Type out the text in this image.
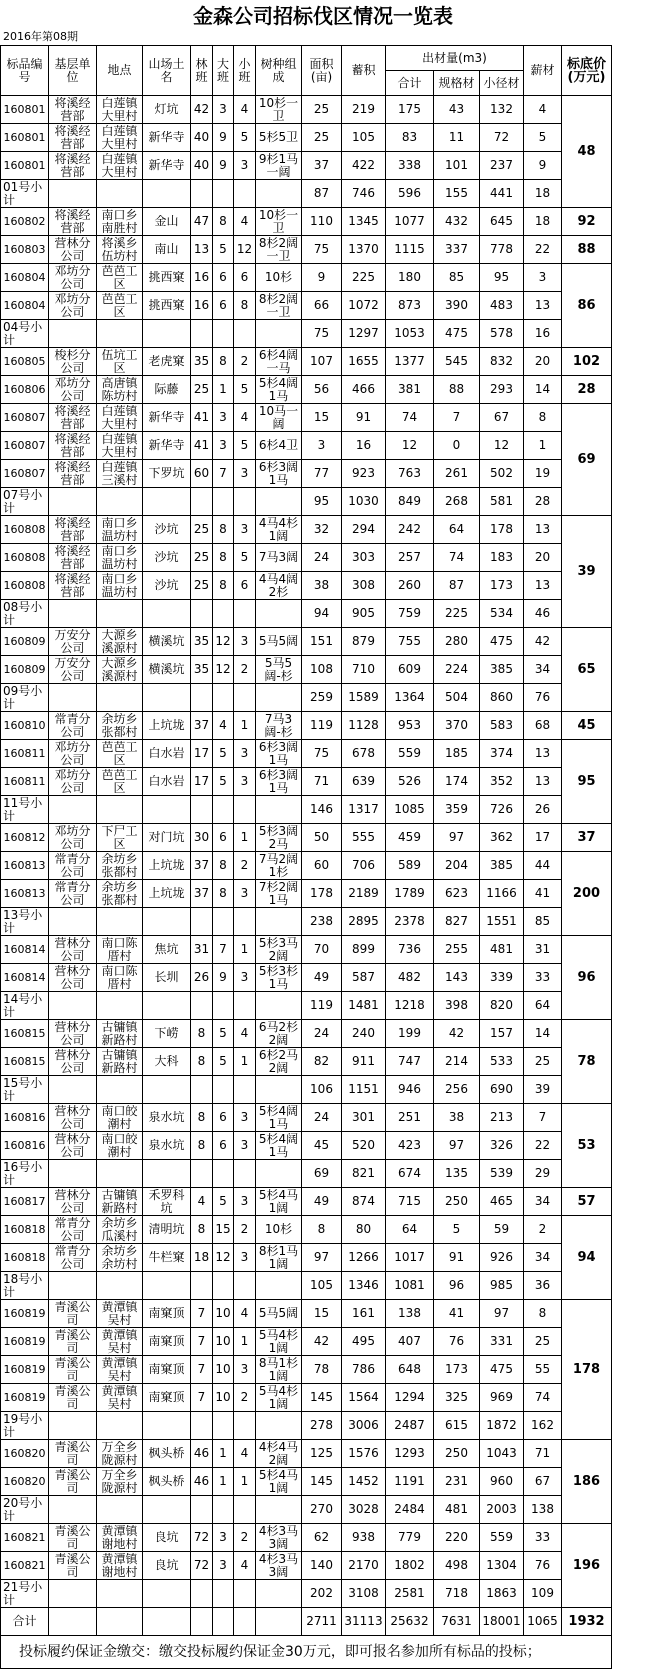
金森公司招标伐区情况一览表
2016年第08期
标品编号	基层单位	地点	山场土名	林班	大班	小班	树种组成	面积(亩)	蓄积	出材量(m3)			薪材	标底价(万元)
										合计	规格材	小径材		

160801	将溪经营部	白莲镇大里村	灯坑	42	3	4	10杉一卫	25	219	175	43	132	4	48

160801	将溪经营部	白莲镇大里村	新华寺	40	9	5	5杉5卫	25	105	83	11	72	5	

160801	将溪经营部	白莲镇大里村	新华寺	40	9	3	9杉1马一阔	37	422	338	101	237	9	

01号小计								87	746	596	155	441	18	

160802	将溪经营部	南口乡南胜村	金山	47	8	4	10杉一卫	110	1345	1077	432	645	18	92

160803	营林分公司	将溪乡伍坊村	南山	13	5	12	8杉2阔一卫	75	1370	1115	337	778	22	88

160804	邓坊分公司	芭芭工区	挑西窠	16	6	6	10杉	9	225	180	85	95	3	86

160804	邓坊分公司	芭芭工区	挑西窠	16	6	8	8杉2阔一卫	66	1072	873	390	483	13	

04号小计								75	1297	1053	475	578	16	

160805	梭杉分公司	伍坑工区	老虎窠	35	8	2	6杉4阔一马	107	1655	1377	545	832	20	102

160806	邓坊分公司	高唐镇陈坊村	际藤	25	1	5	5杉4阔1马	56	466	381	88	293	14	28

160807	将溪经营部	白莲镇大里村	新华寺	41	3	4	10马一阔	15	91	74	7	67	8	69

160807	将溪经营部	白莲镇大里村	新华寺	41	3	5	6杉4卫	3	16	12	0	12	1	

160807	将溪经营部	白莲镇三溪村	下罗坑	60	7	3	6杉3阔1马	77	923	763	261	502	19	

07号小计								95	1030	849	268	581	28	

160808	将溪经营部	南口乡温坊村	沙坑	25	8	3	4马4杉1阔	32	294	242	64	178	13	39

160808	将溪经营部	南口乡温坊村	沙坑	25	8	5	7马3阔	24	303	257	74	183	20	

160808	将溪经营部	南口乡温坊村	沙坑	25	8	6	4马4阔2杉	38	308	260	87	173	13	

08号小计								94	905	759	225	534	46	

160809	万安分公司	大源乡溪源村	横溪坑	35	12	3	5马5阔	151	879	755	280	475	42	65

160809	万安分公司	大源乡溪源村	横溪坑	35	12	2	5马5阔-杉	108	710	609	224	385	34	

09号小计								259	1589	1364	504	860	76	

160810	常青分公司	余坊乡张都村	上坑垅	37	4	1	7马3阔-杉	119	1128	953	370	583	68	45

160811	邓坊分公司	芭芭工区	白水岩	17	5	3	6杉3阔1马	75	678	559	185	374	13	95

160811	邓坊分公司	芭芭工区	白水岩	17	5	3	6杉3阔1马	71	639	526	174	352	13	

11号小计								146	1317	1085	359	726	26	

160812	邓坊分公司	下尸工区	对门坑	30	6	1	5杉3阔2马	50	555	459	97	362	17	37

160813	常青分公司	余坊乡张都村	上坑垅	37	8	2	7马2阔1杉	60	706	589	204	385	44	200

160813	常青分公司	余坊乡张都村	上坑垅	37	8	3	7杉2阔1马	178	2189	1789	623	1166	41	

13号小计								238	2895	2378	827	1551	85	

160814	营林分公司	南口陈厝村	焦坑	31	7	1	5杉3马2阔	70	899	736	255	481	31	96

160814	营林分公司	南口陈厝村	长圳	26	9	3	5杉3杉1马	49	587	482	143	339	33	

14号小计								119	1481	1218	398	820	64	

160815	营林分公司	古镛镇新路村	下崂	8	5	4	6马2杉2阔	24	240	199	42	157	14	78

160815	营林分公司	古镛镇新路村	大科	8	5	1	6杉2马2阔	82	911	747	214	533	25	

15号小计								106	1151	946	256	690	39	

160816	营林分公司	南口皎潮村	泉水坑	8	6	3	5杉4阔1马	24	301	251	38	213	7	53

160816	营林分公司	南口皎潮村	泉水坑	8	6	3	5杉4阔1马	45	520	423	97	326	22	

16号小计								69	821	674	135	539	29	

160817	营林分公司	古镛镇新路村	禾罗科坑	4	5	3	5杉4马1阔	49	874	715	250	465	34	57

160818	常青分公司	余坊乡瓜溪村	清明坑	8	15	2	10杉	8	80	64	5	59	2	94

160818	常青分公司	余坊乡余坊村	牛栏窠	18	12	3	8杉1马1阔	97	1266	1017	91	926	34	

18号小计								105	1346	1081	96	985	36	

160819	青溪公司	黄潭镇吴村	南窠顶	7	10	4	5马5阔	15	161	138	41	97	8	178

160819	青溪公司	黄潭镇吴村	南窠顶	7	10	1	5马4杉1阔	42	495	407	76	331	25	

160819	青溪公司	黄潭镇吴村	南窠顶	7	10	3	8马1杉1阔	78	786	648	173	475	55	

160819	青溪公司	黄潭镇吴村	南窠顶	7	10	2	5马4杉1阔	145	1564	1294	325	969	74	

19号小计								278	3006	2487	615	1872	162	

160820	青溪公司	万全乡陇源村	枫头桥	46	1	4	4杉4马2阔	125	1576	1293	250	1043	71	186

160820	青溪公司	万全乡陇源村	枫头桥	46	1	1	5杉4马1阔	145	1452	1191	231	960	67	

20号小计								270	3028	2484	481	2003	138	

160821	青溪公司	黄潭镇谢地村	良坑	72	3	2	4杉3马3阔	62	938	779	220	559	33	196

160821	青溪公司	黄潭镇谢地村	良坑	72	3	4	4杉3马3阔	140	2170	1802	498	1304	76	

21号小计								202	3108	2581	718	1863	109	

合计								2711	31113	25632	7631	18001	1065	1932
投标履约保证金缴交：缴交投标履约保证金30万元，即可报名参加所有标品的投标；														
